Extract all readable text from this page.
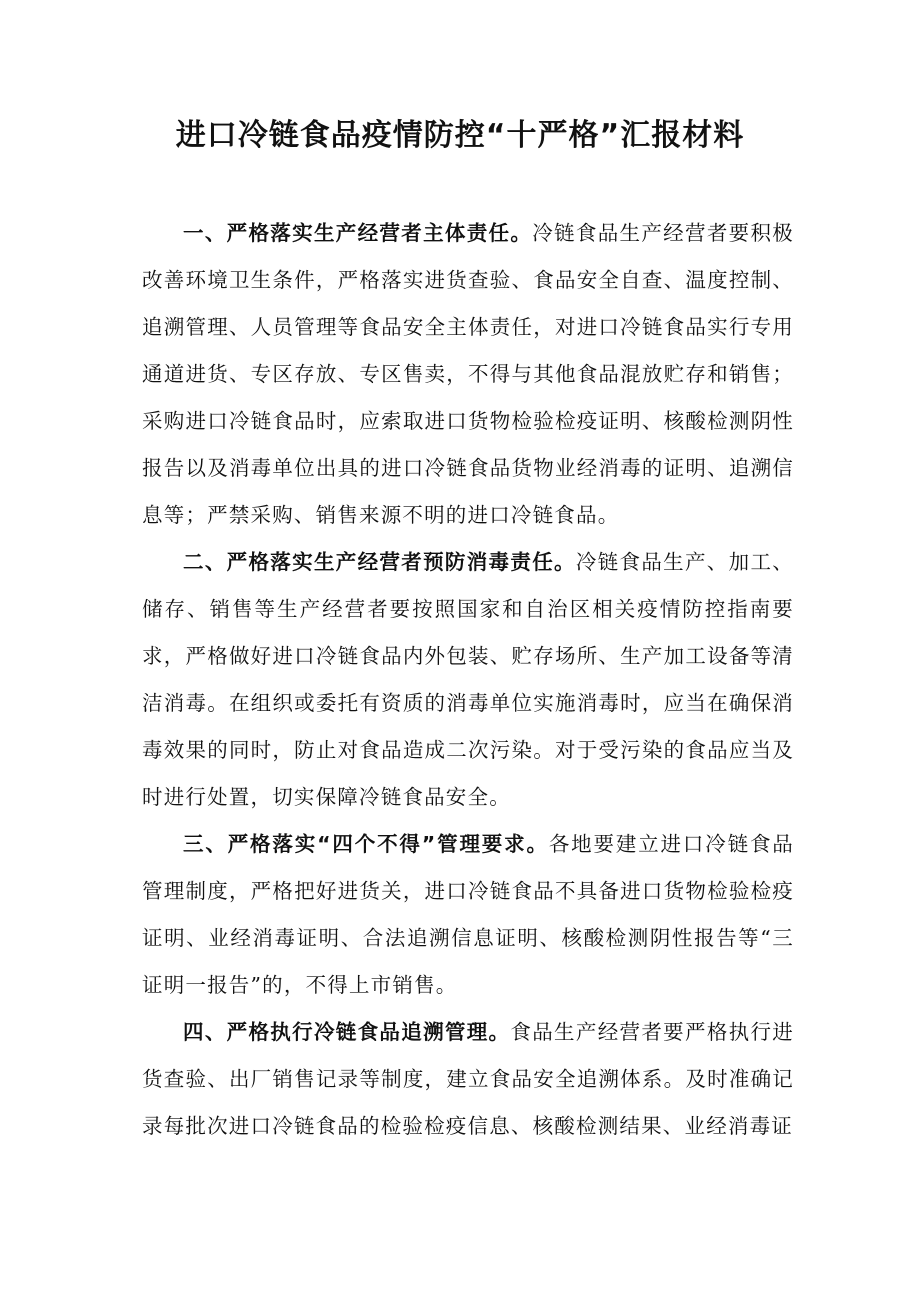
进口冷链食品疫情防控“十严格”汇报材料

一、严格落实生产经营者主体责任。冷链食品生产经营者要积极改善环境卫生条件，严格落实进货查验、食品安全自查、温度控制、追溯管理、人员管理等食品安全主体责任，对进口冷链食品实行专用通道进货、专区存放、专区售卖，不得与其他食品混放贮存和销售；采购进口冷链食品时，应索取进口货物检验检疫证明、核酸检测阴性报告以及消毒单位出具的进口冷链食品货物业经消毒的证明、追溯信息等；严禁采购、销售来源不明的进口冷链食品。

二、严格落实生产经营者预防消毒责任。冷链食品生产、加工、储存、销售等生产经营者要按照国家和自治区相关疫情防控指南要求，严格做好进口冷链食品内外包装、贮存场所、生产加工设备等清洁消毒。在组织或委托有资质的消毒单位实施消毒时，应当在确保消毒效果的同时，防止对食品造成二次污染。对于受污染的食品应当及时进行处置，切实保障冷链食品安全。

三、严格落实“四个不得”管理要求。各地要建立进口冷链食品管理制度，严格把好进货关，进口冷链食品不具备进口货物检验检疫证明、业经消毒证明、合法追溯信息证明、核酸检测阴性报告等“三证明一报告”的，不得上市销售。

四、严格执行冷链食品追溯管理。食品生产经营者要严格执行进货查验、出厂销售记录等制度，建立食品安全追溯体系。及时准确记录每批次进口冷链食品的检验检疫信息、核酸检测结果、业经消毒证
